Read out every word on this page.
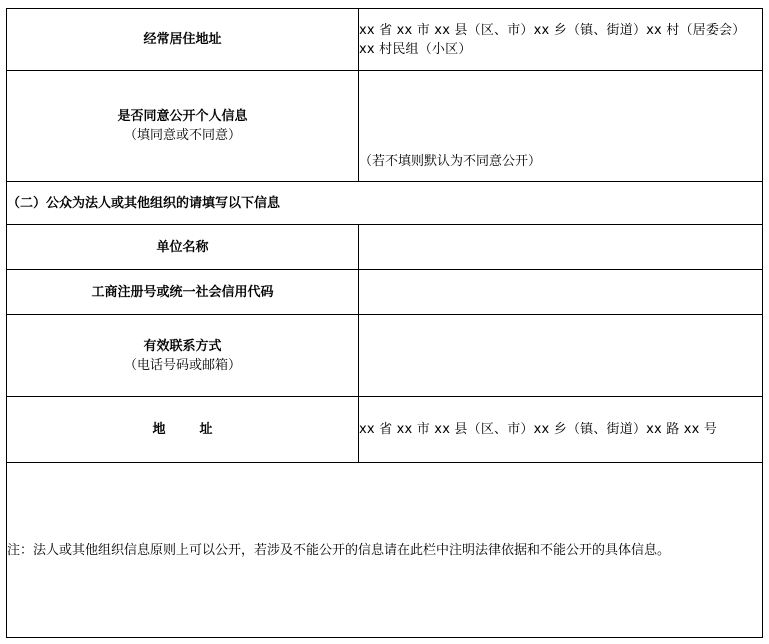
经常居住地址	xx 省 xx 市 xx 县（区、市）xx 乡（镇、街道）xx 村（居委会）
xx 村民组（小区）

是否同意公开个人信息
（填同意或不同意）	（若不填则默认为不同意公开）

（二）公众为法人或其他组织的请填写以下信息	

单位名称	

工商注册号或统一社会信用代码	

有效联系方式
（电话号码或邮箱）	

地 址	xx 省 xx 市 xx 县（区、市）xx 乡（镇、街道）xx 路 xx 号
注：法人或其他组织信息原则上可以公开，若涉及不能公开的信息请在此栏中注明法律依据和不能公开的具体信息。	
